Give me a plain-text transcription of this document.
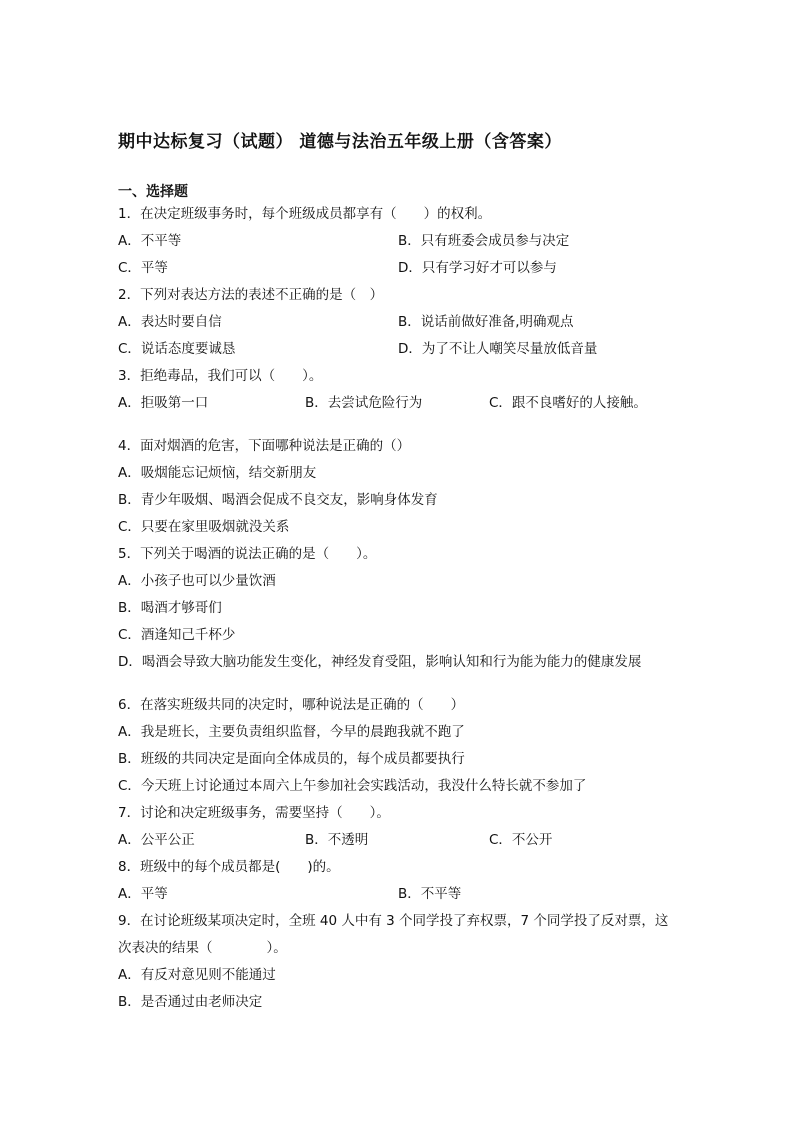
期中达标复习（试题） 道德与法治五年级上册（含答案）
一、选择题
1．在决定班级事务时，每个班级成员都享有（　　）的权利。
A．不平等	B．只有班委会成员参与决定
C．平等	D．只有学习好才可以参与
2．下列对表达方法的表述不正确的是（　）
A．表达时要自信	B．说话前做好准备,明确观点
C．说话态度要诚恳	D．为了不让人嘲笑尽量放低音量
3．拒绝毒品，我们可以（　　）。
A．拒吸第一口	B．去尝试危险行为	C．跟不良嗜好的人接触。
4．面对烟酒的危害，下面哪种说法是正确的（）
A．吸烟能忘记烦恼，结交新朋友
B．青少年吸烟、喝酒会促成不良交友，影响身体发育
C．只要在家里吸烟就没关系
5．下列关于喝酒的说法正确的是（　　）。
A．小孩子也可以少量饮酒
B．喝酒才够哥们
C．酒逢知己千杯少
D．喝酒会导致大脑功能发生变化，神经发育受阻，影响认知和行为能为能力的健康发展
6．在落实班级共同的决定时，哪种说法是正确的（　　）
A．我是班长，主要负责组织监督，今早的晨跑我就不跑了
B．班级的共同决定是面向全体成员的，每个成员都要执行
C．今天班上讨论通过本周六上午参加社会实践活动，我没什么特长就不参加了
7．讨论和决定班级事务，需要坚持（　　）。
A．公平公正	B．不透明	C．不公开
8．班级中的每个成员都是(　　)的。
A．平等	B．不平等
9．在讨论班级某项决定时，全班 40 人中有 3 个同学投了弃权票，7 个同学投了反对票，这
次表决的结果（　　　　）。
A．有反对意见则不能通过
B．是否通过由老师决定
